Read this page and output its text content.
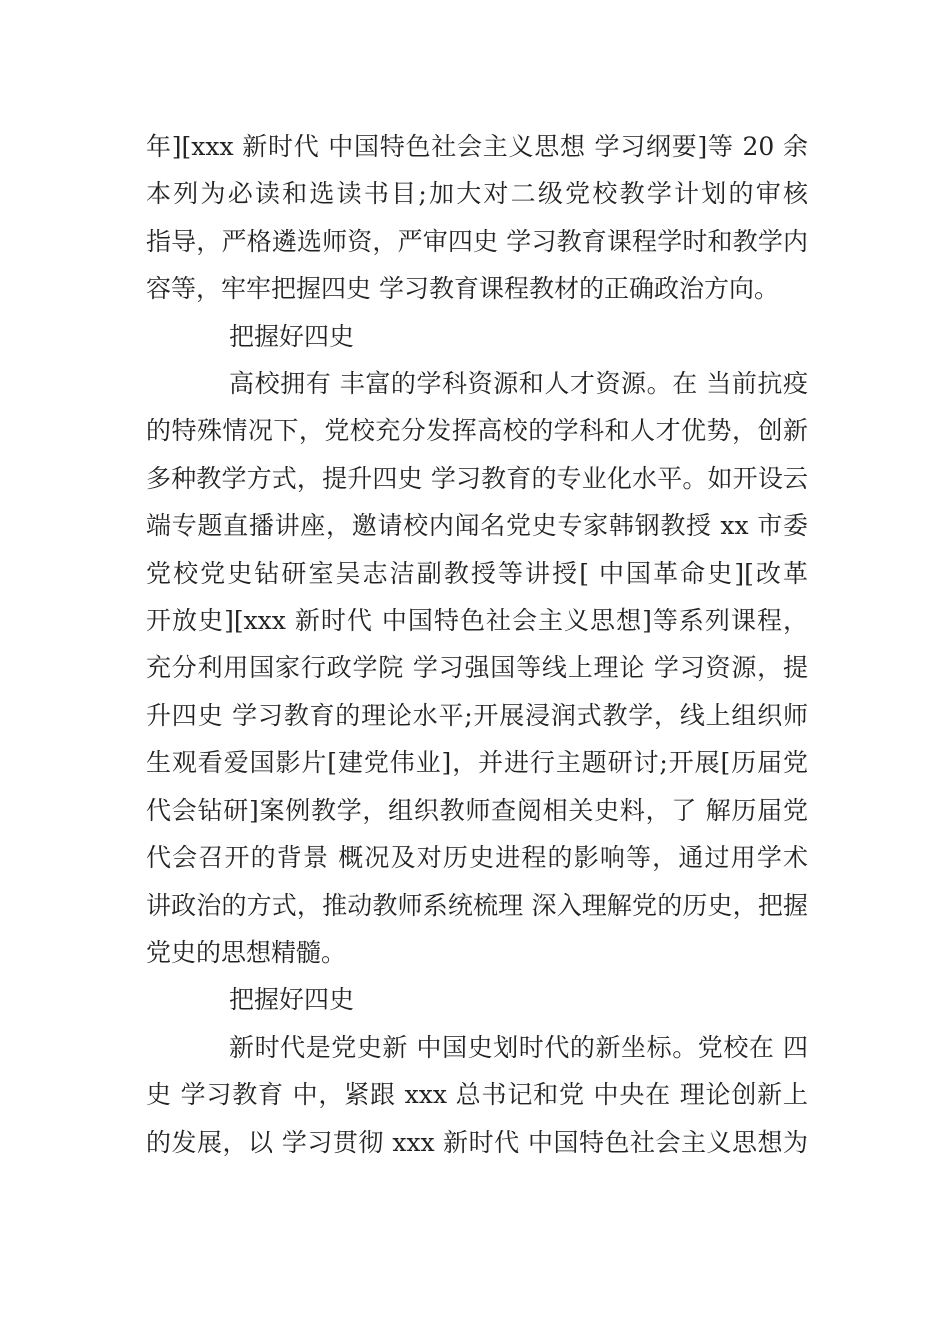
年][xxx 新时代 中国特色社会主义思想 学习纲要]等 20 余
本列为必读和选读书目;加大对二级党校教学计划的审核
指导，严格遴选师资，严审四史 学习教育课程学时和教学内
容等，牢牢把握四史 学习教育课程教材的正确政治方向。

把握好四史

高校拥有 丰富的学科资源和人才资源。在 当前抗疫
的特殊情况下，党校充分发挥高校的学科和人才优势，创新
多种教学方式，提升四史 学习教育的专业化水平。如开设云
端专题直播讲座，邀请校内闻名党史专家韩钢教授 xx 市委
党校党史钻研室吴志洁副教授等讲授[ 中国革命史][改革
开放史][xxx 新时代 中国特色社会主义思想]等系列课程，
充分利用国家行政学院 学习强国等线上理论 学习资源，提
升四史 学习教育的理论水平;开展浸润式教学，线上组织师
生观看爱国影片[建党伟业]，并进行主题研讨;开展[历届党
代会钻研]案例教学，组织教师查阅相关史料，了 解历届党
代会召开的背景 概况及对历史进程的影响等，通过用学术
讲政治的方式，推动教师系统梳理 深入理解党的历史，把握
党史的思想精髓。

把握好四史

新时代是党史新 中国史划时代的新坐标。党校在 四
史 学习教育 中，紧跟 xxx 总书记和党 中央在 理论创新上
的发展，以 学习贯彻 xxx 新时代 中国特色社会主义思想为
